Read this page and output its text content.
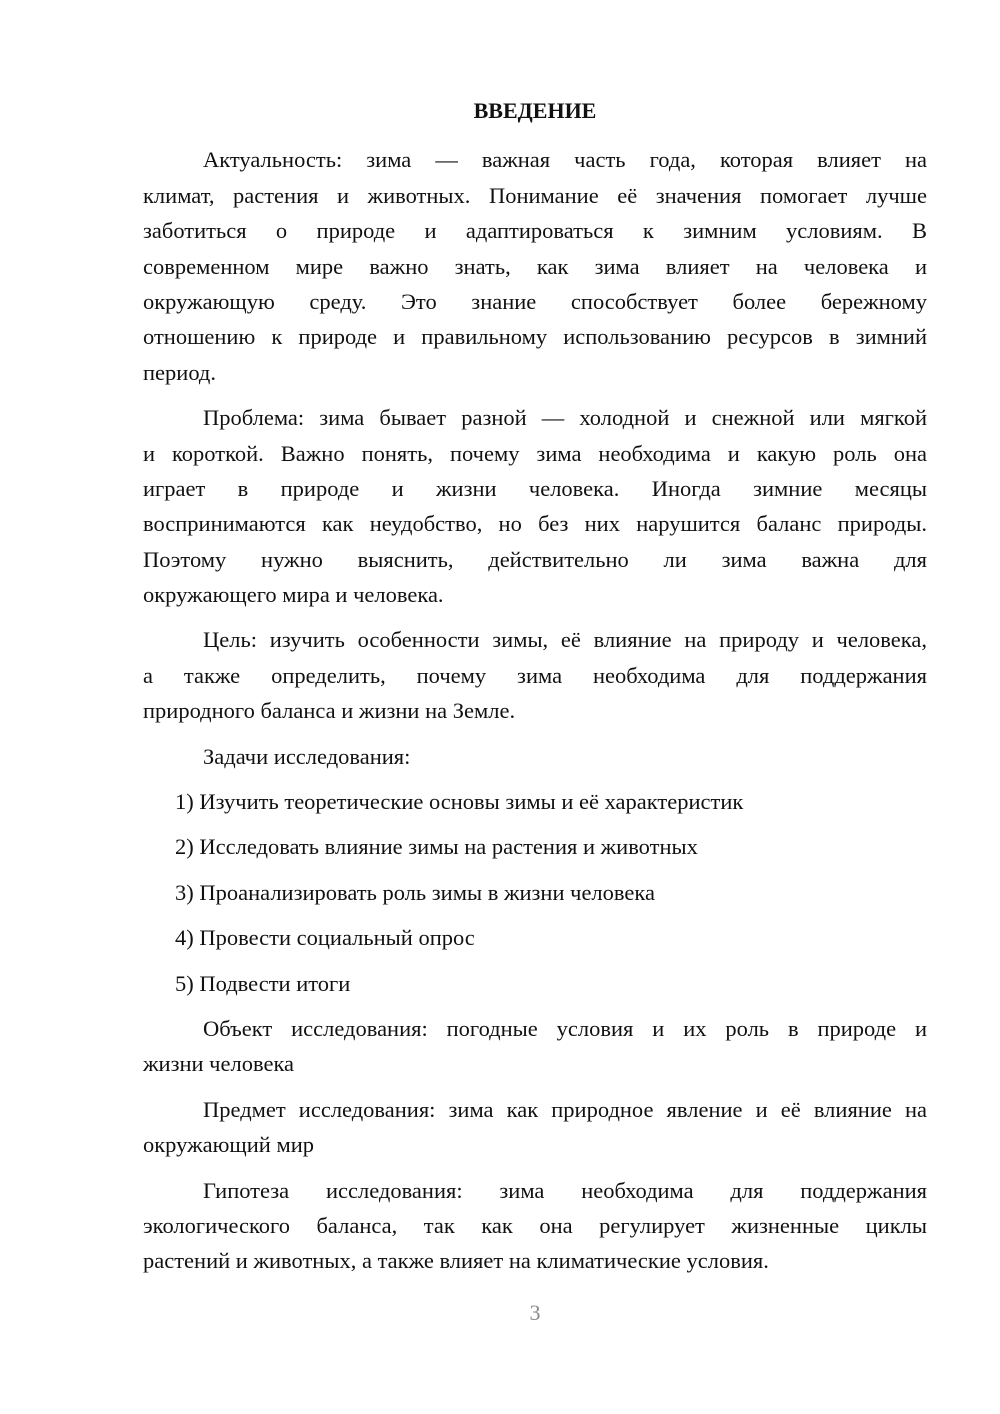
ВВЕДЕНИЕ
Актуальность: зима — важная часть года, которая влияет на
климат, растения и животных. Понимание её значения помогает лучше
заботиться о природе и адаптироваться к зимним условиям. В
современном мире важно знать, как зима влияет на человека и
окружающую среду. Это знание способствует более бережному
отношению к природе и правильному использованию ресурсов в зимний
период.
Проблема: зима бывает разной — холодной и снежной или мягкой
и короткой. Важно понять, почему зима необходима и какую роль она
играет в природе и жизни человека. Иногда зимние месяцы
воспринимаются как неудобство, но без них нарушится баланс природы.
Поэтому нужно выяснить, действительно ли зима важна для
окружающего мира и человека.
Цель: изучить особенности зимы, её влияние на природу и человека,
а также определить, почему зима необходима для поддержания
природного баланса и жизни на Земле.
Задачи исследования:
1) Изучить теоретические основы зимы и её характеристик
2) Исследовать влияние зимы на растения и животных
3) Проанализировать роль зимы в жизни человека
4) Провести социальный опрос
5) Подвести итоги
Объект исследования: погодные условия и их роль в природе и
жизни человека
Предмет исследования: зима как природное явление и её влияние на
окружающий мир
Гипотеза исследования: зима необходима для поддержания
экологического баланса, так как она регулирует жизненные циклы
растений и животных, а также влияет на климатические условия.
3
